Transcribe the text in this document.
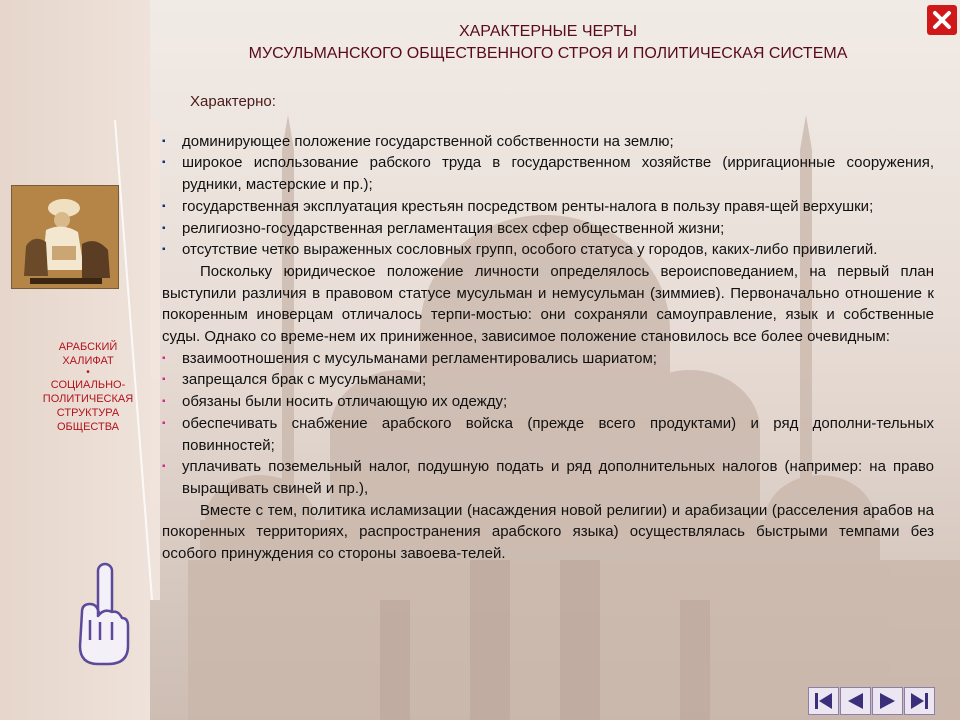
ХАРАКТЕРНЫЕ ЧЕРТЫ
МУСУЛЬМАНСКОГО ОБЩЕСТВЕННОГО СТРОЯ И ПОЛИТИЧЕСКАЯ СИСТЕМА
АРАБСКИЙ ХАЛИФАТ
•
СОЦИАЛЬНО-ПОЛИТИЧЕСКАЯ СТРУКТУРА ОБЩЕСТВА
Характерно:
▪ доминирующее положение государственной собственности на землю;
▪ широкое использование рабского труда в государственном хозяйстве (ирригационные сооружения, рудники, мастерские и пр.);
▪ государственная эксплуатация крестьян посредством ренты-налога в пользу правя-щей верхушки;
▪ религиозно-государственная регламентация всех сфер общественной жизни;
▪ отсутствие четко выраженных сословных групп, особого статуса у городов, каких-либо привилегий.
Поскольку юридическое положение личности определялось вероисповеданием, на первый план выступили различия в правовом статусе мусульман и немусульман (зиммиев). Первоначально отношение к покоренным иноверцам отличалось терпи-мостью: они сохраняли самоуправление, язык и собственные суды. Однако со време-нем их приниженное, зависимое положение становилось все более очевидным:
▪ взаимоотношения с мусульманами регламентировались шариатом;
▪ запрещался брак с мусульманами;
▪ обязаны были носить отличающую их одежду;
▪ обеспечивать снабжение арабского войска (прежде всего продуктами) и ряд дополни-тельных повинностей;
▪ уплачивать поземельный налог, подушную подать и ряд дополнительных налогов (например: на право выращивать свиней и пр.),
Вместе с тем, политика исламизации (насаждения новой религии) и арабизации (расселения арабов на покоренных территориях, распространения арабского языка) осуществлялась быстрыми темпами без особого принуждения со стороны завоева-телей.
